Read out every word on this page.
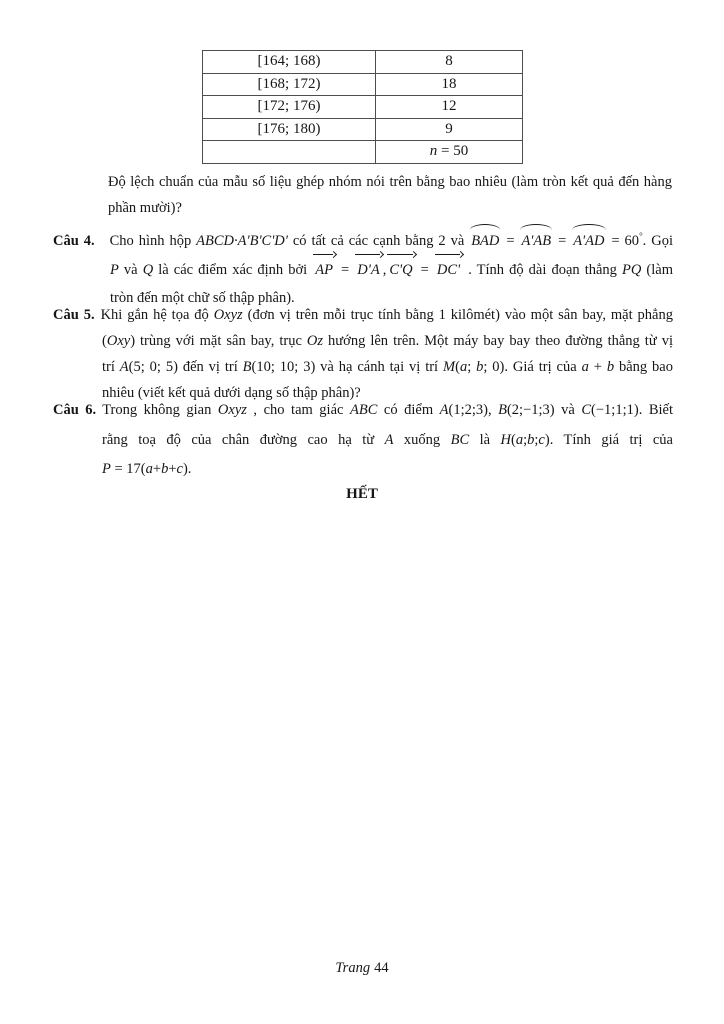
[164; 168)	8
[168; 172)	18
[172; 176)	12
[176; 180)	9
	n = 50
Độ lệch chuẩn của mẫu số liệu ghép nhóm nói trên bằng bao nhiêu (làm tròn kết quả đến hàng
phần mười)?
Câu 4. Cho hình hộp ABCD·A'B'C'D' có tất cả các cạnh bằng 2 và BAD = A'AB = A'AD = 60°. Gọi
P và Q là các điểm xác định bởi AP = D'A , C'Q = DC' . Tính độ dài đoạn thẳng PQ (làm
tròn đến một chữ số thập phân).
Câu 5. Khi gắn hệ tọa độ Oxyz (đơn vị trên mỗi trục tính bằng 1 kilômét) vào một sân bay, mặt phẳng
(Oxy) trùng với mặt sân bay, trục Oz hướng lên trên. Một máy bay bay theo đường thẳng từ vị
trí A(5; 0; 5) đến vị trí B(10; 10; 3) và hạ cánh tại vị trí M(a; b; 0). Giá trị của a + b bằng bao
nhiêu (viết kết quả dưới dạng số thập phân)?
Câu 6. Trong không gian Oxyz , cho tam giác ABC có điểm A(1;2;3), B(2;−1;3) và C(−1;1;1). Biết
rằng toạ độ của chân đường cao hạ từ A xuống BC là H(a;b;c). Tính giá trị của
P = 17(a+b+c).
HẾT
Trang 44
